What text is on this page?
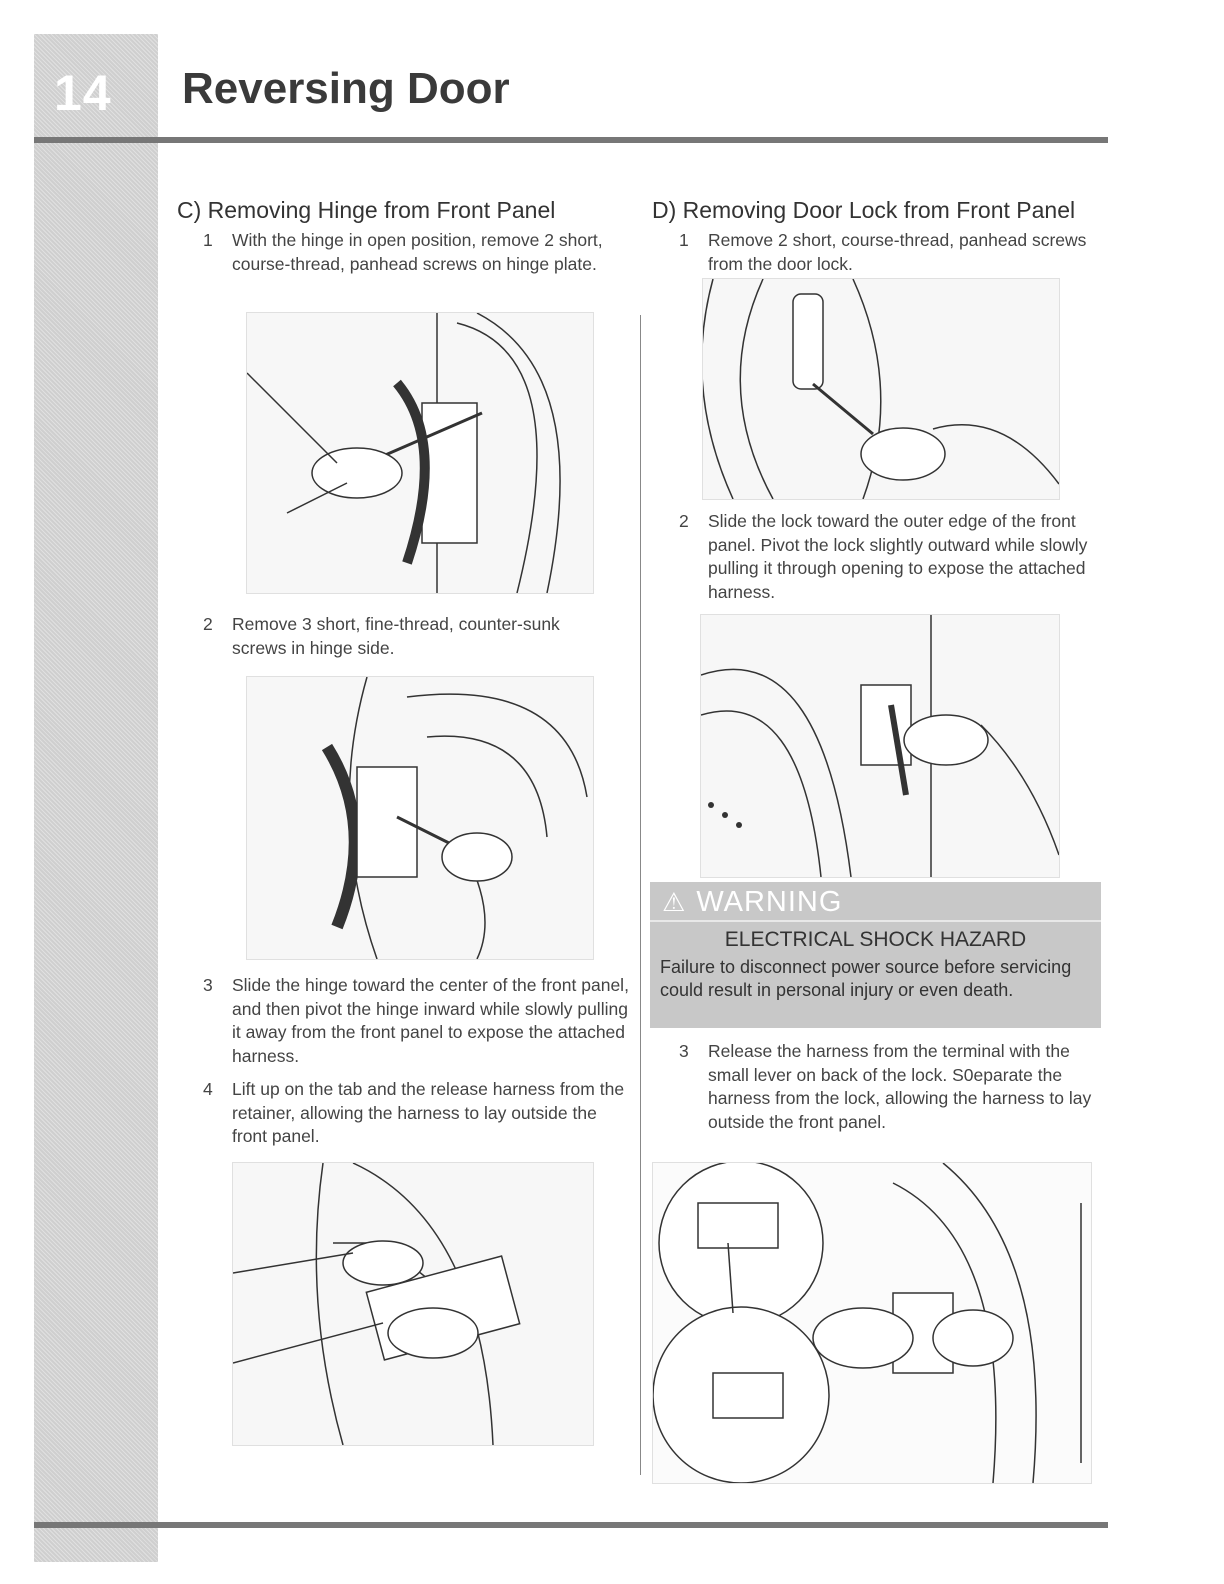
14 Reversing Door
C) Removing Hinge from Front Panel
1 With the hinge in open position, remove 2 short, course-thread, panhead screws on hinge plate.
2 Remove 3 short, fine-thread, counter-sunk screws in hinge side.
3 Slide the hinge toward the center of the front panel, and then pivot the hinge inward while slowly pulling it away from the front panel to expose the attached harness.
4 Lift up on the tab and the release harness from the retainer, allowing the harness to lay outside the front panel.
D) Removing Door Lock from Front Panel
1 Remove 2 short, course-thread, panhead screws from the door lock.
2 Slide the lock toward the outer edge of the front panel. Pivot the lock slightly outward while slowly pulling it through opening to expose the attached harness.
⚠ WARNING
ELECTRICAL SHOCK HAZARD
Failure to disconnect power source before servicing could result in personal injury or even death.
3 Release the harness from the terminal with the small lever on back of the lock. S0eparate the harness from the lock, allowing the harness to lay outside the front panel.
